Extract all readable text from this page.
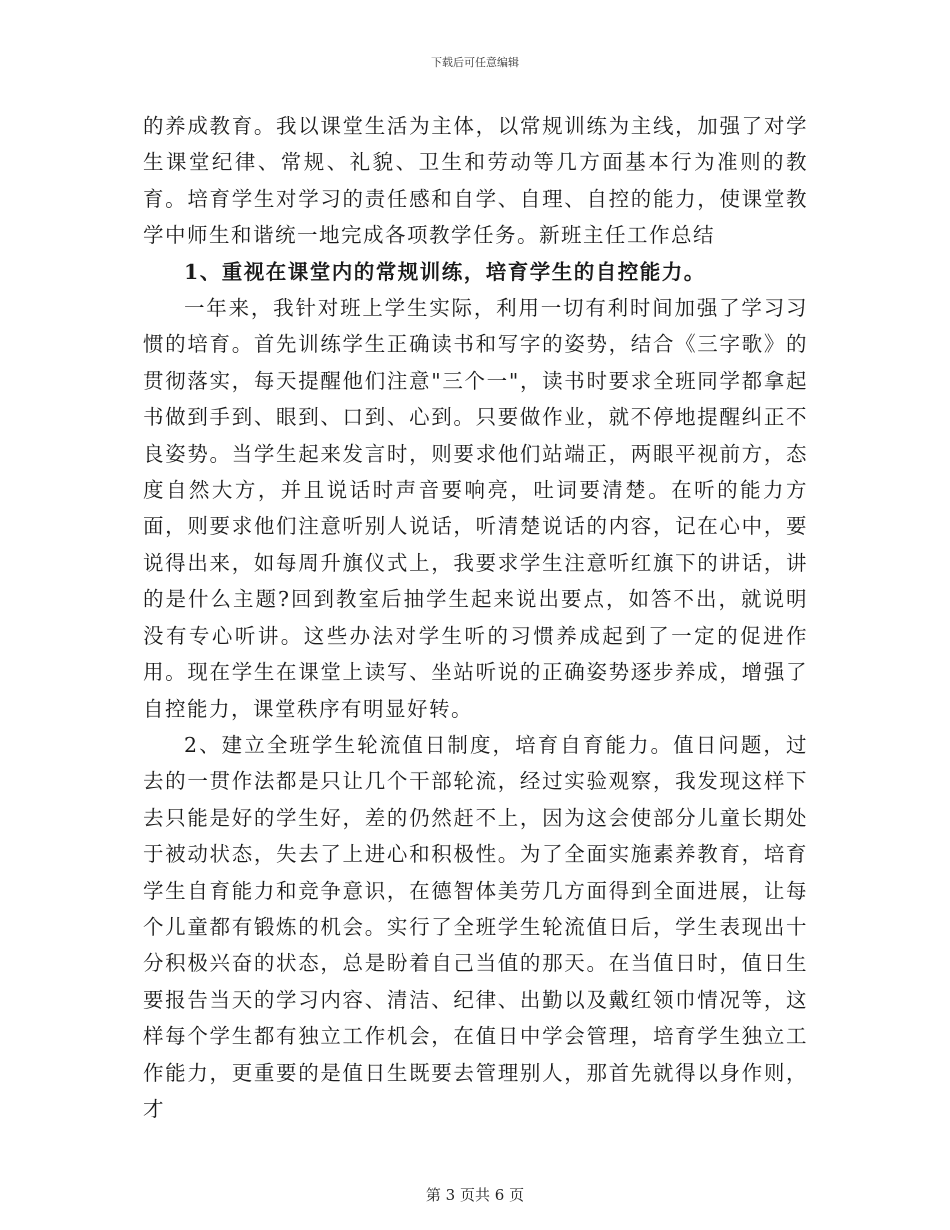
下载后可任意编辑

的养成教育。我以课堂生活为主体，以常规训练为主线，加强了对学生课堂纪律、常规、礼貌、卫生和劳动等几方面基本行为准则的教育。培育学生对学习的责任感和自学、自理、自控的能力，使课堂教学中师生和谐统一地完成各项教学任务。新班主任工作总结

1、重视在课堂内的常规训练，培育学生的自控能力。

一年来，我针对班上学生实际，利用一切有利时间加强了学习习惯的培育。首先训练学生正确读书和写字的姿势，结合《三字歌》的贯彻落实，每天提醒他们注意"三个一"，读书时要求全班同学都拿起书做到手到、眼到、口到、心到。只要做作业，就不停地提醒纠正不良姿势。当学生起来发言时，则要求他们站端正，两眼平视前方，态度自然大方，并且说话时声音要响亮，吐词要清楚。在听的能力方面，则要求他们注意听别人说话，听清楚说话的内容，记在心中，要说得出来，如每周升旗仪式上，我要求学生注意听红旗下的讲话，讲的是什么主题?回到教室后抽学生起来说出要点，如答不出，就说明没有专心听讲。这些办法对学生听的习惯养成起到了一定的促进作用。现在学生在课堂上读写、坐站听说的正确姿势逐步养成，增强了自控能力，课堂秩序有明显好转。

2、建立全班学生轮流值日制度，培育自育能力。值日问题，过去的一贯作法都是只让几个干部轮流，经过实验观察，我发现这样下去只能是好的学生好，差的仍然赶不上，因为这会使部分儿童长期处于被动状态，失去了上进心和积极性。为了全面实施素养教育，培育学生自育能力和竞争意识，在德智体美劳几方面得到全面进展，让每个儿童都有锻炼的机会。实行了全班学生轮流值日后，学生表现出十分积极兴奋的状态，总是盼着自己当值的那天。在当值日时，值日生要报告当天的学习内容、清洁、纪律、出勤以及戴红领巾情况等，这样每个学生都有独立工作机会，在值日中学会管理，培育学生独立工作能力，更重要的是值日生既要去管理别人，那首先就得以身作则，才

第 3 页共 6 页
